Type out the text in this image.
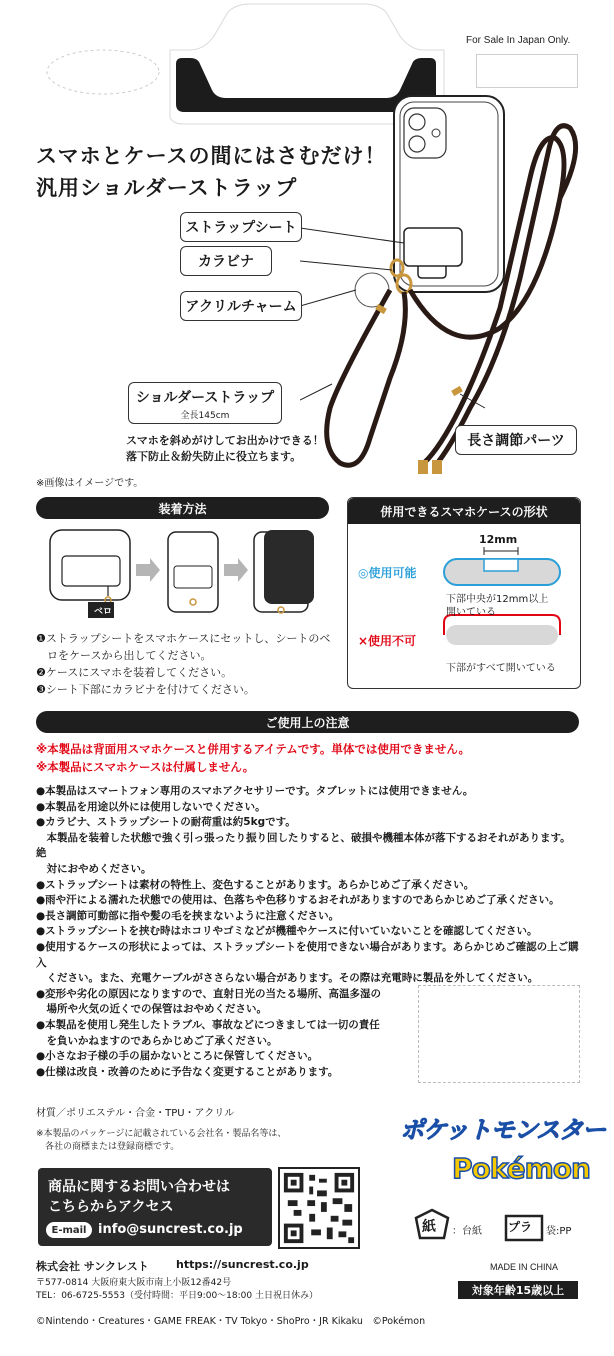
For Sale In Japan Only.
スマホとケースの間にはさむだけ！
汎用ショルダーストラップ
ストラップシート
カラビナ
アクリルチャーム
ショルダーストラップ
全長145cm
長さ調節パーツ
スマホを斜めがけしてお出かけできる！
落下防止＆紛失防止に役立ちます。
※画像はイメージです。
装着方法
ベロ
❶ストラップシートをスマホケースにセットし、シートのベ
　ロをケースから出してください。
❷ケースにスマホを装着してください。
❸シート下部にカラビナを付けてください。
併用できるスマホケースの形状
12mm
◎使用可能
下部中央が12mm以上
開いている
×使用不可
下部がすべて開いている
ご使用上の注意
※本製品は背面用スマホケースと併用するアイテムです。単体では使用できません。
※本製品にスマホケースは付属しません。
●本製品はスマートフォン専用のスマホアクセサリーです。タブレットには使用できません。
●本製品を用途以外には使用しないでください。
●カラビナ、ストラップシートの耐荷重は約5kgです。
　本製品を装着した状態で強く引っ張ったり振り回したりすると、破損や機種本体が落下するおそれがあります。絶
　対におやめください。
●ストラップシートは素材の特性上、変色することがあります。あらかじめご了承ください。
●雨や汗による濡れた状態での使用は、色落ちや色移りするおそれがありますのであらかじめご了承ください。
●長さ調節可動部に指や髪の毛を挟まないように注意ください。
●ストラップシートを挟む時はホコリやゴミなどが機種やケースに付いていないことを確認してください。
●使用するケースの形状によっては、ストラップシートを使用できない場合があります。あらかじめご確認の上ご購入
　ください。また、充電ケーブルがささらない場合があります。その際は充電時に製品を外してください。
●変形や劣化の原因になりますので、直射日光の当たる場所、高温多湿の
　場所や火気の近くでの保管はおやめください。
●本製品を使用し発生したトラブル、事故などにつきましては一切の責任
　を負いかねますのであらかじめご了承ください。
●小さなお子様の手の届かないところに保管してください。
●仕様は改良・改善のために予告なく変更することがあります。
材質／ポリエステル・合金・TPU・アクリル
※本製品のパッケージに記載されている会社名・製品名等は、
　各社の商標または登録商標です。
商品に関するお問い合わせは
こちらからアクセス
E-mail info@suncrest.co.jp
株式会社 サンクレスト https://suncrest.co.jp
〒577-0814 大阪府東大阪市南上小阪12番42号
TEL：06-6725-5553（受付時間：平日9:00〜18:00 土日祝日休み）
ポケットモンスター
Pokémon
紙 ：台紙 プラ 袋:PP
MADE IN CHINA
対象年齢15歳以上
©Nintendo・Creatures・GAME FREAK・TV Tokyo・ShoPro・JR Kikaku　©Pokémon
